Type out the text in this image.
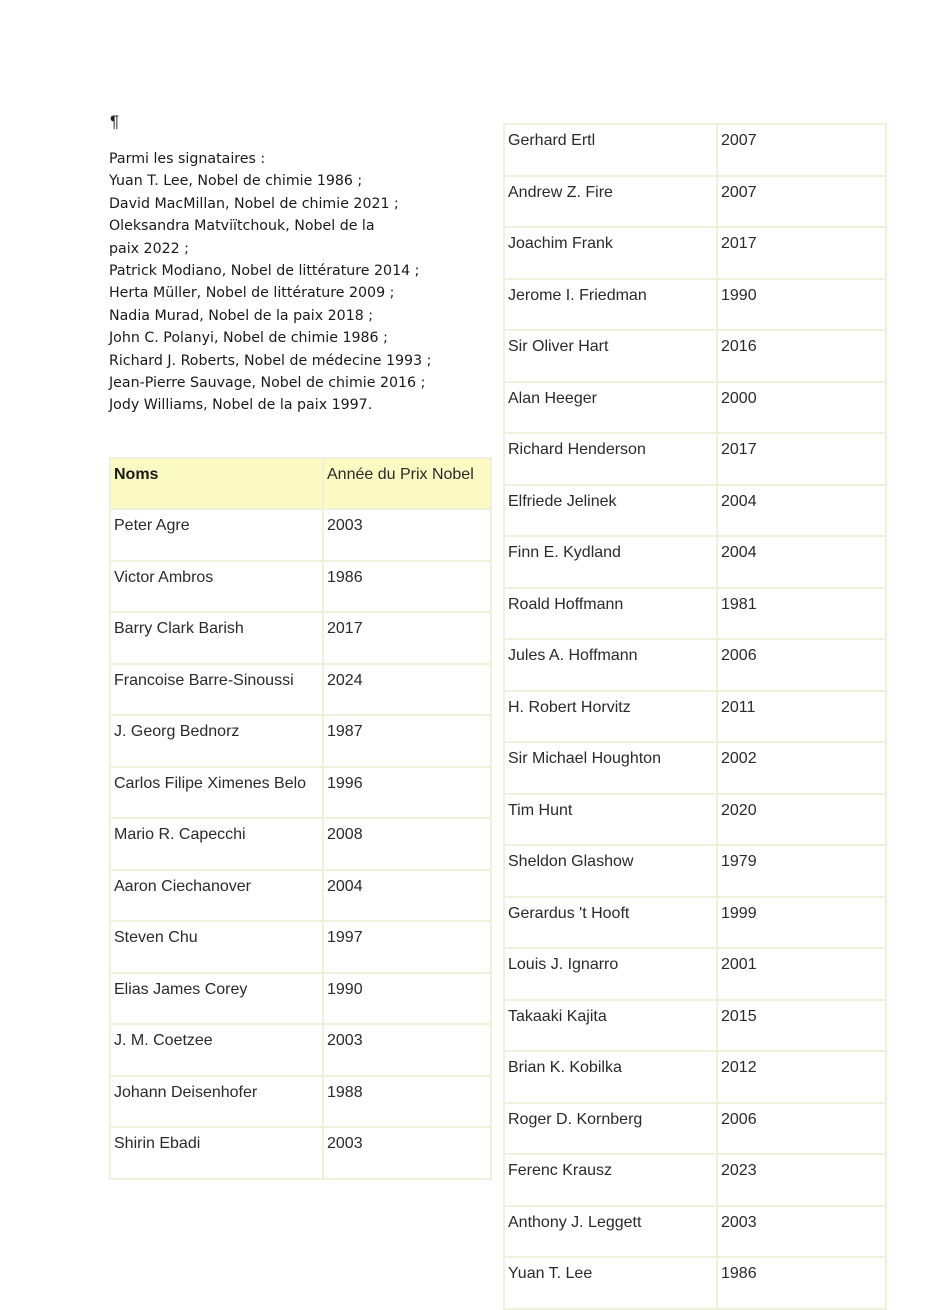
¶
Parmi les signataires :
Yuan T. Lee, Nobel de chimie 1986 ;
David MacMillan, Nobel de chimie 2021 ;
Oleksandra Matviïtchouk, Nobel de la
paix 2022 ;
Patrick Modiano, Nobel de littérature 2014 ;
Herta Müller, Nobel de littérature 2009 ;
Nadia Murad, Nobel de la paix 2018 ;
John C. Polanyi, Nobel de chimie 1986 ;
Richard J. Roberts, Nobel de médecine 1993 ;
Jean-Pierre Sauvage, Nobel de chimie 2016 ;
Jody Williams, Nobel de la paix 1997.
Noms	Année du Prix Nobel
Peter Agre	2003
Victor Ambros	1986
Barry Clark Barish	2017
Francoise Barre-Sinoussi	2024
J. Georg Bednorz	1987
Carlos Filipe Ximenes Belo	1996
Mario R. Capecchi	2008
Aaron Ciechanover	2004
Steven Chu	1997
Elias James Corey	1990
J. M. Coetzee	2003
Johann Deisenhofer	1988
Shirin Ebadi	2003
Gerhard Ertl	2007
Andrew Z. Fire	2007
Joachim Frank	2017
Jerome I. Friedman	1990
Sir Oliver Hart	2016
Alan Heeger	2000
Richard Henderson	2017
Elfriede Jelinek	2004
Finn E. Kydland	2004
Roald Hoffmann	1981
Jules A. Hoffmann	2006
H. Robert Horvitz	2011
Sir Michael Houghton	2002
Tim Hunt	2020
Sheldon Glashow	1979
Gerardus 't Hooft	1999
Louis J. Ignarro	2001
Takaaki Kajita	2015
Brian K. Kobilka	2012
Roger D. Kornberg	2006
Ferenc Krausz	2023
Anthony J. Leggett	2003
Yuan T. Lee	1986
